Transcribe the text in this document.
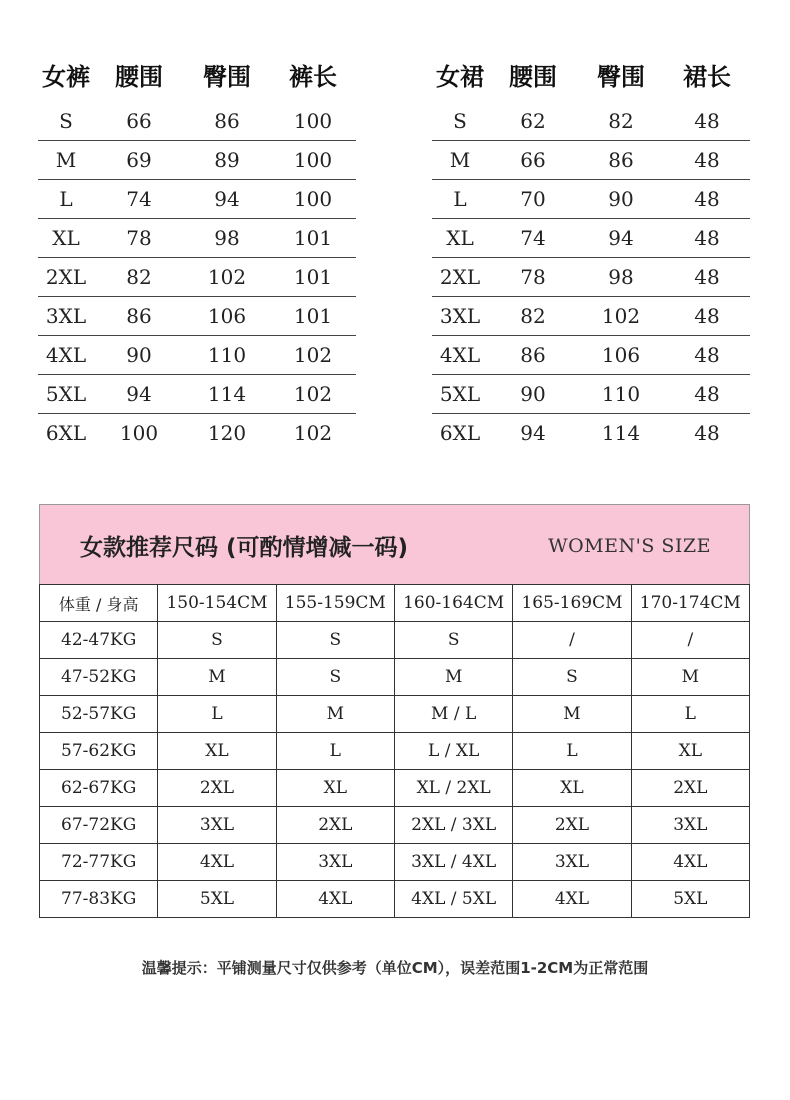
女裤	腰围	臀围	裤长
S	66	86	100
M	69	89	100
L	74	94	100
XL	78	98	101
2XL	82	102	101
3XL	86	106	101
4XL	90	110	102
5XL	94	114	102
6XL	100	120	102
女裙	腰围	臀围	裙长
S	62	82	48
M	66	86	48
L	70	90	48
XL	74	94	48
2XL	78	98	48
3XL	82	102	48
4XL	86	106	48
5XL	90	110	48
6XL	94	114	48
女款推荐尺码 (可酌情增减一码)	WOMEN'S SIZE
体重 / 身高	150-154CM	155-159CM	160-164CM	165-169CM	170-174CM
42-47KG	S	S	S	/	/
47-52KG	M	S	M	S	M
52-57KG	L	M	M / L	M	L
57-62KG	XL	L	L / XL	L	XL
62-67KG	2XL	XL	XL / 2XL	XL	2XL
67-72KG	3XL	2XL	2XL / 3XL	2XL	3XL
72-77KG	4XL	3XL	3XL / 4XL	3XL	4XL
77-83KG	5XL	4XL	4XL / 5XL	4XL	5XL
温馨提示：平铺测量尺寸仅供参考（单位CM），误差范围1-2CM为正常范围
